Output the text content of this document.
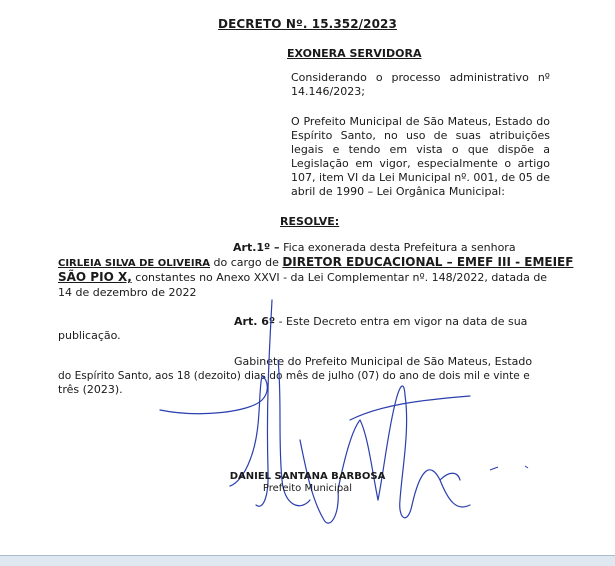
DECRETO Nº. 15.352/2023
EXONERA SERVIDORA
Considerando o processo administrativo nº 14.146/2023;
O Prefeito Municipal de São Mateus, Estado do Espírito Santo, no uso de suas atribuições legais e tendo em vista o que dispõe a Legislação em vigor, especialmente o artigo 107, item VI da Lei Municipal nº. 001, de 05 de abril de 1990 – Lei Orgânica Municipal:
RESOLVE:
Art.1º – Fica exonerada desta Prefeitura a senhora
CIRLEIA SILVA DE OLIVEIRA do cargo de DIRETOR EDUCACIONAL – EMEF III - EMEIEF
SÃO PIO X, constantes no Anexo XXVI - da Lei Complementar nº. 148/2022, datada de
14 de dezembro de 2022
Art. 6º - Este Decreto entra em vigor na data de sua
publicação.
Gabinete do Prefeito Municipal de São Mateus, Estado
do Espírito Santo, aos 18 (dezoito) dias do mês de julho (07) do ano de dois mil e vinte e
três (2023).
DANIEL SANTANA BARBOSA
Prefeito Municipal
